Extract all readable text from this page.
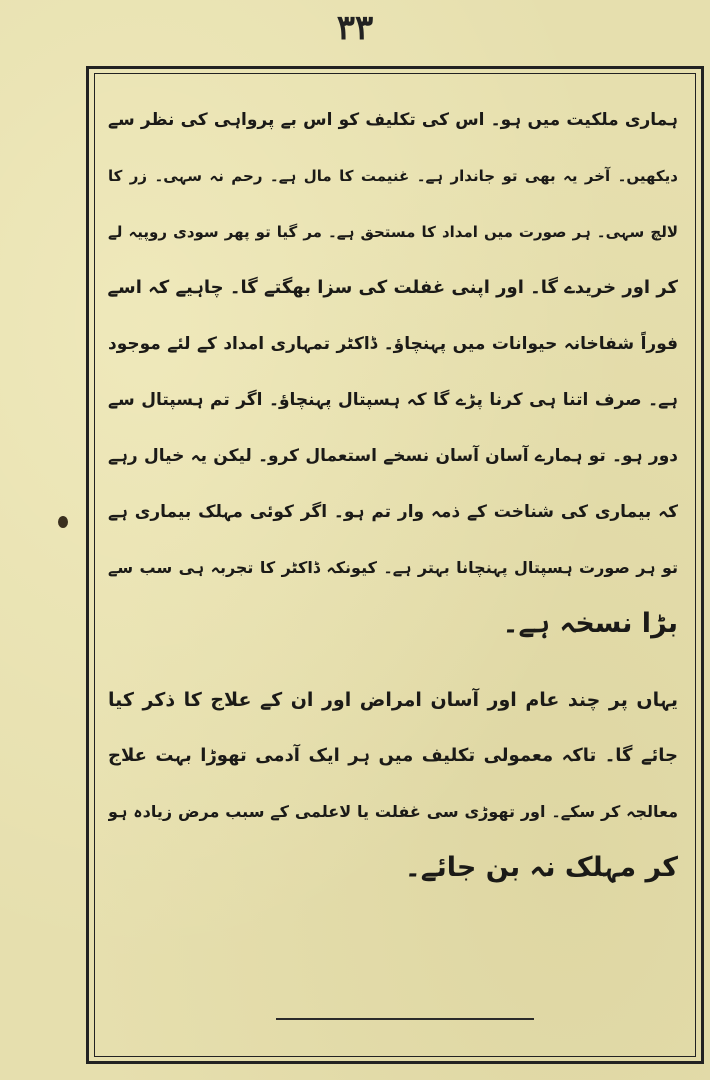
۳۳
ہماری ملکیت میں ہو۔ اس کی تکلیف کو اس بے پرواہی کی نظر سے
دیکھیں۔ آخر یہ بھی تو جاندار ہے۔ غنیمت کا مال ہے۔ رحم نہ سہی۔ زر کا
لالچ سہی۔ ہر صورت میں امداد کا مستحق ہے۔ مر گیا تو پھر سودی روپیہ لے
کر اور خریدے گا۔ اور اپنی غفلت کی سزا بھگتے گا۔ چاہیے کہ اسے
فوراً شفاخانہ حیوانات میں پہنچاؤ۔ ڈاکٹر تمہاری امداد کے لئے موجود
ہے۔ صرف اتنا ہی کرنا پڑے گا کہ ہسپتال پہنچاؤ۔ اگر تم ہسپتال سے
دور ہو۔ تو ہمارے آسان آسان نسخے استعمال کرو۔ لیکن یہ خیال رہے
کہ بیماری کی شناخت کے ذمہ وار تم ہو۔ اگر کوئی مہلک بیماری ہے
تو ہر صورت ہسپتال پہنچانا بہتر ہے۔ کیونکہ ڈاکٹر کا تجربہ ہی سب سے
بڑا نسخہ ہے۔
یہاں پر چند عام اور آسان امراض اور ان کے علاج کا ذکر کیا
جائے گا۔ تاکہ معمولی تکلیف میں ہر ایک آدمی تھوڑا بہت علاج
معالجہ کر سکے۔ اور تھوڑی سی غفلت یا لاعلمی کے سبب مرض زیادہ ہو
کر مہلک نہ بن جائے۔
